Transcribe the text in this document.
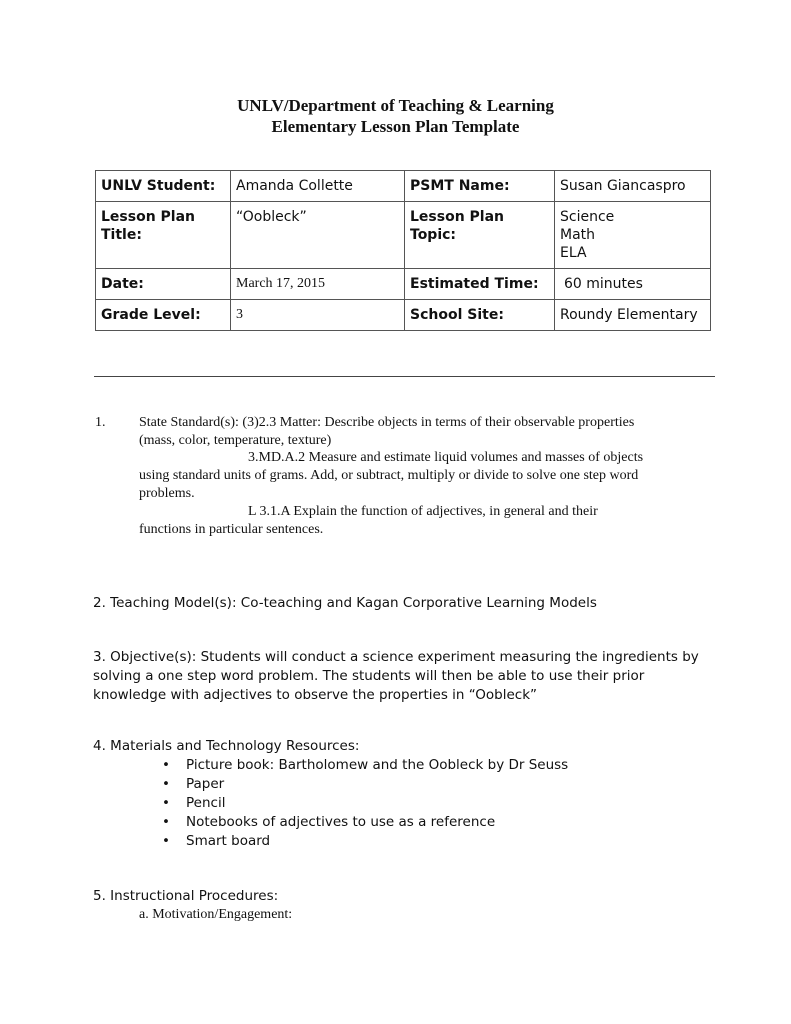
UNLV/Department of Teaching & Learning
Elementary Lesson Plan Template
UNLV Student:	Amanda Collette	PSMT Name:	Susan Giancaspro
Lesson Plan
Title:	“Oobleck”	Lesson Plan Topic:	Science
Math
ELA
Date:	March 17, 2015	Estimated Time:	60 minutes
Grade Level:	3	School Site:	Roundy Elementary
1. State Standard(s): (3)2.3 Matter: Describe objects in terms of their observable properties
(mass, color, temperature, texture)
3.MD.A.2 Measure and estimate liquid volumes and masses of objects
using standard units of grams. Add, or subtract, multiply or divide to solve one step word
problems.
L 3.1.A Explain the function of adjectives, in general and their
functions in particular sentences.
2. Teaching Model(s): Co-teaching and Kagan Corporative Learning Models
3. Objective(s): Students will conduct a science experiment measuring the ingredients by
solving a one step word problem. The students will then be able to use their prior
knowledge with adjectives to observe the properties in “Oobleck”
4. Materials and Technology Resources:
• Picture book: Bartholomew and the Oobleck by Dr Seuss
• Paper
• Pencil
• Notebooks of adjectives to use as a reference
• Smart board
5. Instructional Procedures:
a. Motivation/Engagement:
